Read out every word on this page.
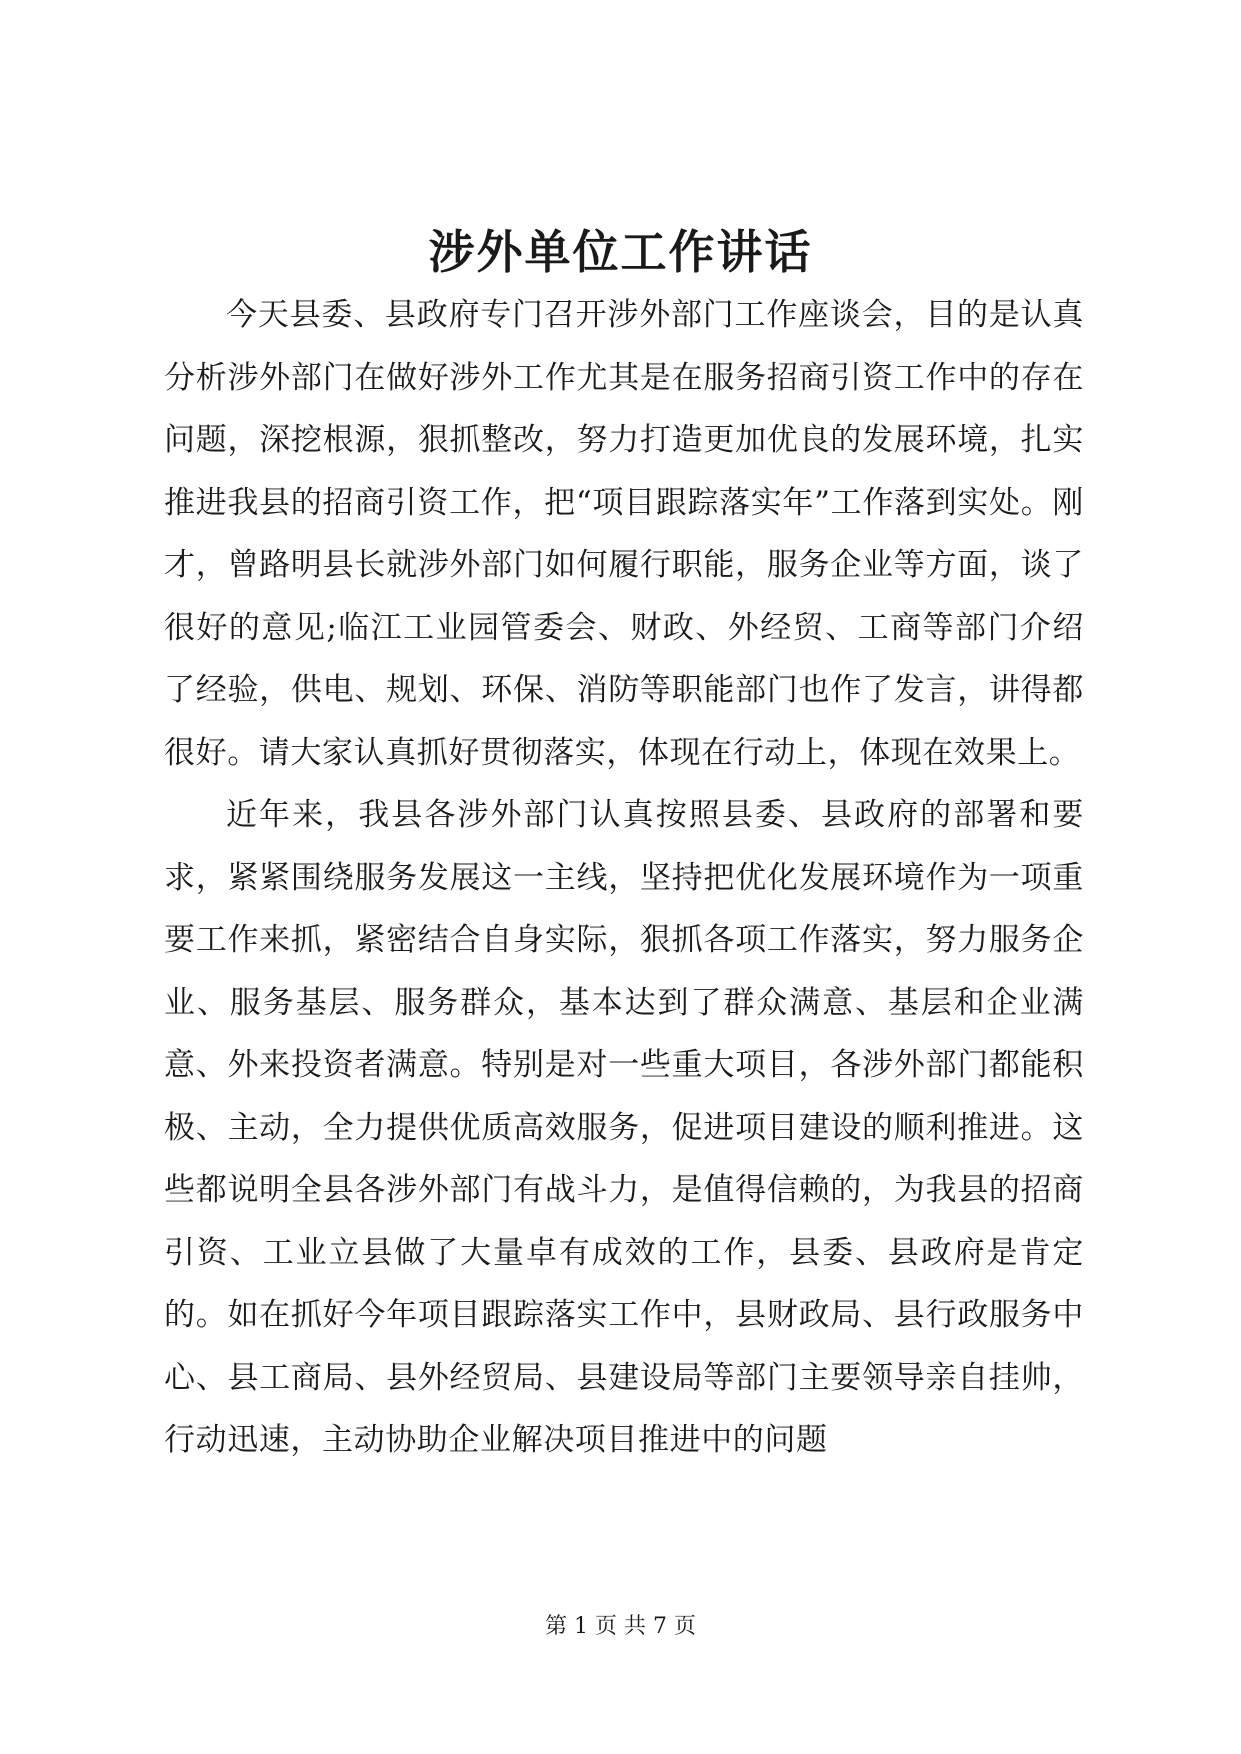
涉外单位工作讲话

今天县委、县政府专门召开涉外部门工作座谈会，目的是认真分析涉外部门在做好涉外工作尤其是在服务招商引资工作中的存在问题，深挖根源，狠抓整改，努力打造更加优良的发展环境，扎实推进我县的招商引资工作，把“项目跟踪落实年”工作落到实处。刚才，曾路明县长就涉外部门如何履行职能，服务企业等方面，谈了很好的意见;临江工业园管委会、财政、外经贸、工商等部门介绍了经验，供电、规划、环保、消防等职能部门也作了发言，讲得都很好。请大家认真抓好贯彻落实，体现在行动上，体现在效果上。

近年来，我县各涉外部门认真按照县委、县政府的部署和要求，紧紧围绕服务发展这一主线，坚持把优化发展环境作为一项重要工作来抓，紧密结合自身实际，狠抓各项工作落实，努力服务企业、服务基层、服务群众，基本达到了群众满意、基层和企业满意、外来投资者满意。特别是对一些重大项目，各涉外部门都能积极、主动，全力提供优质高效服务，促进项目建设的顺利推进。这些都说明全县各涉外部门有战斗力，是值得信赖的，为我县的招商引资、工业立县做了大量卓有成效的工作，县委、县政府是肯定的。如在抓好今年项目跟踪落实工作中，县财政局、县行政服务中心、县工商局、县外经贸局、县建设局等部门主要领导亲自挂帅，行动迅速，主动协助企业解决项目推进中的问题

第 1 页 共 7 页
